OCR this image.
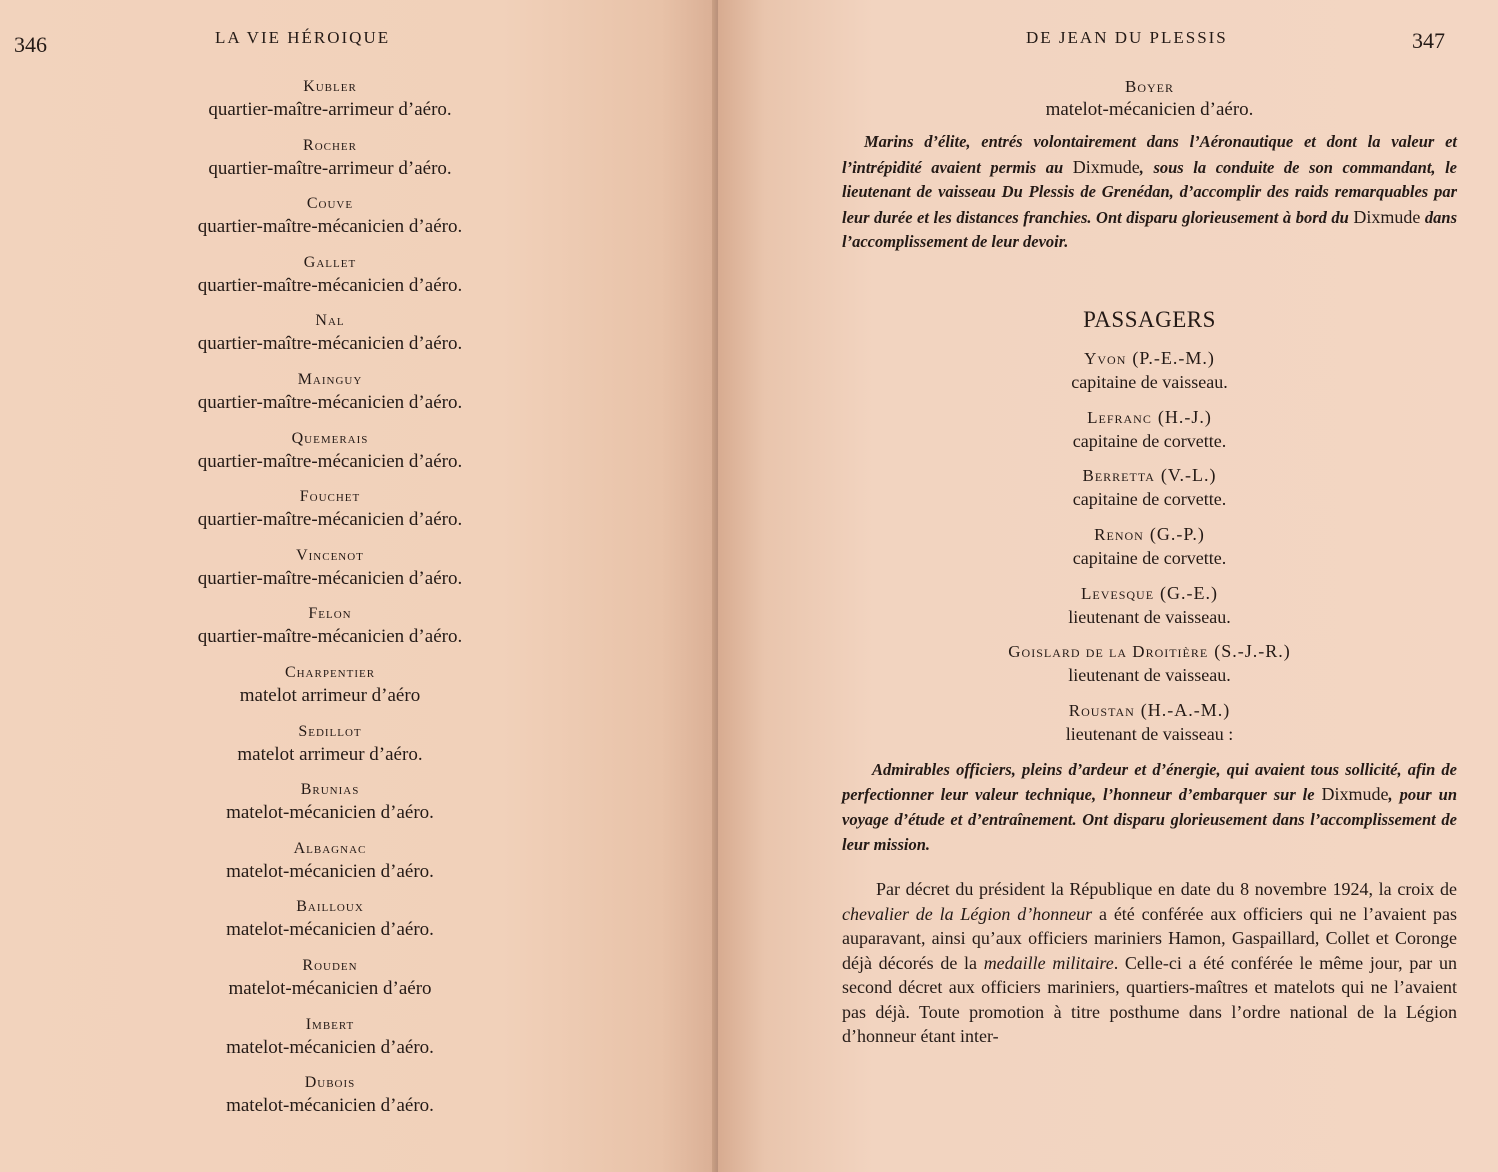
346	LA VIE HÉROIQUE
Kubler
quartier-maître-arrimeur d’aéro.
Rocher
quartier-maître-arrimeur d’aéro.
Couve
quartier-maître-mécanicien d’aéro.
Gallet
quartier-maître-mécanicien d’aéro.
Nal
quartier-maître-mécanicien d’aéro.
Mainguy
quartier-maître-mécanicien d’aéro.
Quemerais
quartier-maître-mécanicien d’aéro.
Fouchet
quartier-maître-mécanicien d’aéro.
Vincenot
quartier-maître-mécanicien d’aéro.
Felon
quartier-maître-mécanicien d’aéro.
Charpentier
matelot arrimeur d’aéro
Sedillot
matelot arrimeur d’aéro.
Brunias
matelot-mécanicien d’aéro.
Albagnac
matelot-mécanicien d’aéro.
Bailloux
matelot-mécanicien d’aéro.
Rouden
matelot-mécanicien d’aéro
Imbert
matelot-mécanicien d’aéro.
Dubois
matelot-mécanicien d’aéro.
DE JEAN DU PLESSIS	347
Boyer
matelot-mécanicien d’aéro.

Marins d’élite, entrés volontairement dans l’Aéronautique et dont la valeur et l’intrépidité avaient permis au Dixmude, sous la conduite de son commandant, le lieutenant de vaisseau Du Plessis de Grenédan, d’accomplir des raids remarquables par leur durée et les distances franchies. Ont disparu glorieusement à bord du Dixmude dans l’accomplissement de leur devoir.

PASSAGERS
Yvon (P.-E.-M.)
capitaine de vaisseau.
Lefranc (H.-J.)
capitaine de corvette.
Berretta (V.-L.)
capitaine de corvette.
Renon (G.-P.)
capitaine de corvette.
Levesque (G.-E.)
lieutenant de vaisseau.
Goislard de la Droitière (S.-J.-R.)
lieutenant de vaisseau.
Roustan (H.-A.-M.)
lieutenant de vaisseau :

Admirables officiers, pleins d’ardeur et d’énergie, qui avaient tous sollicité, afin de perfectionner leur valeur technique, l’honneur d’embarquer sur le Dixmude, pour un voyage d’étude et d’entraînement. Ont disparu glorieusement dans l’accomplissement de leur mission.

Par décret du président la République en date du 8 novembre 1924, la croix de chevalier de la Légion d’honneur a été conférée aux officiers qui ne l’avaient pas auparavant, ainsi qu’aux officiers mariniers Hamon, Gaspaillard, Collet et Coronge déjà décorés de la medaille militaire. Celle-ci a été conférée le même jour, par un second décret aux officiers mariniers, quartiers-maîtres et matelots qui ne l’avaient pas déjà. Toute promotion à titre posthume dans l’ordre national de la Légion d’honneur étant inter-
